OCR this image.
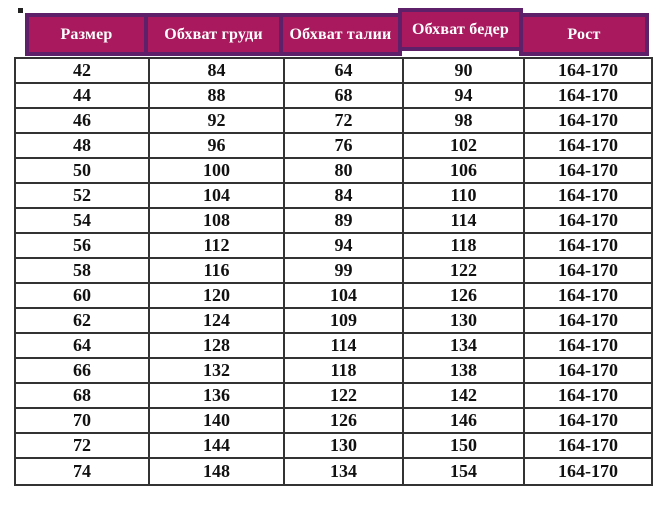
Размер	Обхват груди	Обхват талии	Обхват бедер	Рост
42	84	64	90	164-170
44	88	68	94	164-170
46	92	72	98	164-170
48	96	76	102	164-170
50	100	80	106	164-170
52	104	84	110	164-170
54	108	89	114	164-170
56	112	94	118	164-170
58	116	99	122	164-170
60	120	104	126	164-170
62	124	109	130	164-170
64	128	114	134	164-170
66	132	118	138	164-170
68	136	122	142	164-170
70	140	126	146	164-170
72	144	130	150	164-170
74	148	134	154	164-170
